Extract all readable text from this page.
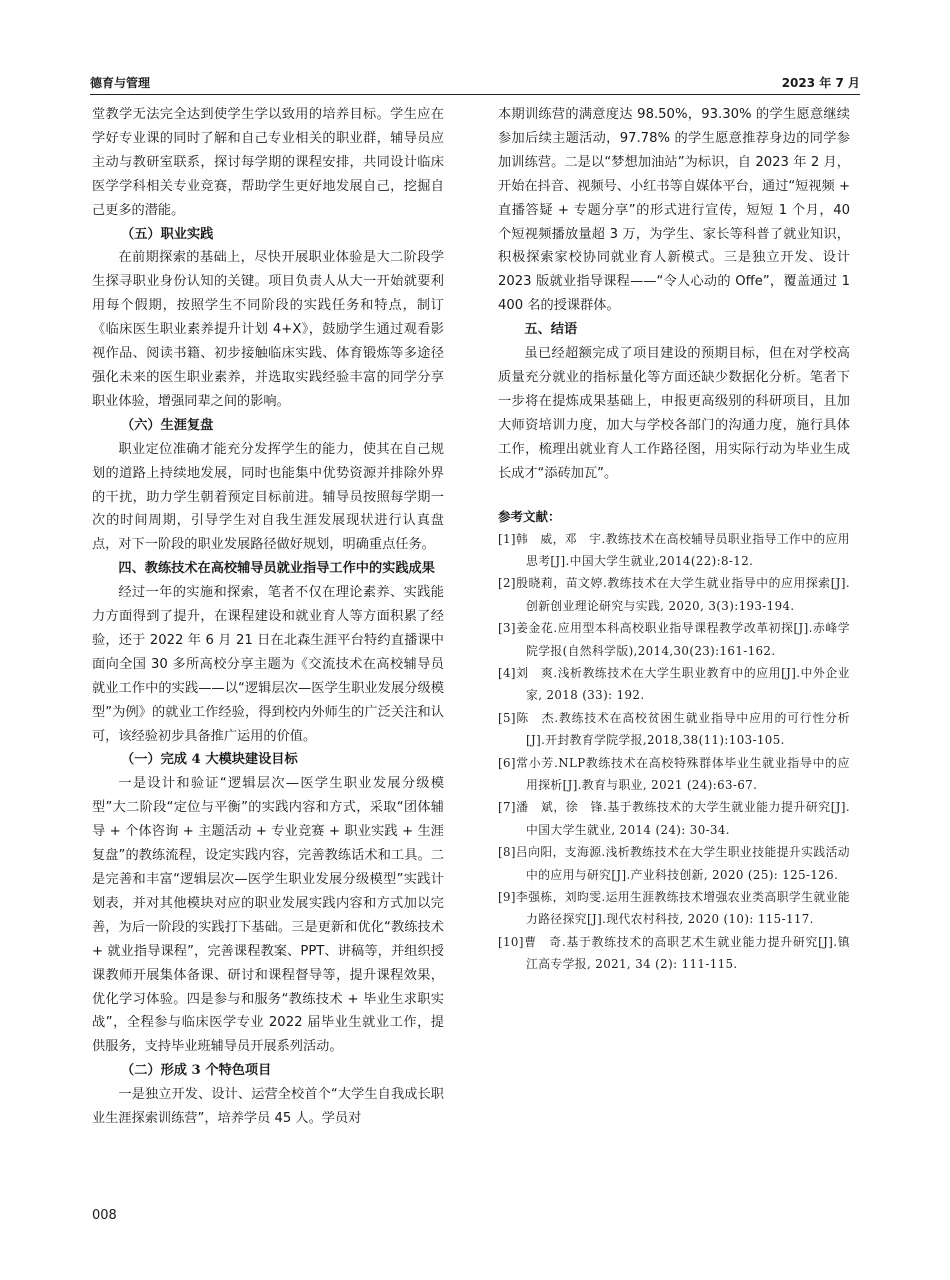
德育与管理	2023 年 7 月

堂教学无法完全达到使学生学以致用的培养目标。学生应在学好专业课的同时了解和自己专业相关的职业群，辅导员应主动与教研室联系，探讨每学期的课程安排，共同设计临床医学学科相关专业竞赛，帮助学生更好地发展自己，挖掘自己更多的潜能。

（五）职业实践

在前期探索的基础上，尽快开展职业体验是大二阶段学生探寻职业身份认知的关键。项目负责人从大一开始就要利用每个假期，按照学生不同阶段的实践任务和特点，制订《临床医生职业素养提升计划 4+X》，鼓励学生通过观看影视作品、阅读书籍、初步接触临床实践、体育锻炼等多途径强化未来的医生职业素养，并选取实践经验丰富的同学分享职业体验，增强同辈之间的影响。

（六）生涯复盘

职业定位准确才能充分发挥学生的能力，使其在自己规划的道路上持续地发展，同时也能集中优势资源并排除外界的干扰，助力学生朝着预定目标前进。辅导员按照每学期一次的时间周期，引导学生对自我生涯发展现状进行认真盘点，对下一阶段的职业发展路径做好规划，明确重点任务。

四、教练技术在高校辅导员就业指导工作中的实践成果

经过一年的实施和探索，笔者不仅在理论素养、实践能力方面得到了提升，在课程建设和就业育人等方面积累了经验，还于 2022 年 6 月 21 日在北森生涯平台特约直播课中面向全国 30 多所高校分享主题为《交流技术在高校辅导员就业工作中的实践——以“逻辑层次—医学生职业发展分级模型”为例》的就业工作经验，得到校内外师生的广泛关注和认可，该经验初步具备推广运用的价值。

（一）完成 4 大模块建设目标

一是设计和验证“逻辑层次—医学生职业发展分级模型”大二阶段“定位与平衡”的实践内容和方式，采取“团体辅导 + 个体咨询 + 主题活动 + 专业竞赛 + 职业实践 + 生涯复盘”的教练流程，设定实践内容，完善教练话术和工具。二是完善和丰富“逻辑层次—医学生职业发展分级模型”实践计划表，并对其他模块对应的职业发展实践内容和方式加以完善，为后一阶段的实践打下基础。三是更新和优化“教练技术 + 就业指导课程”，完善课程教案、PPT、讲稿等，并组织授课教师开展集体备课、研讨和课程督导等，提升课程效果，优化学习体验。四是参与和服务“教练技术 + 毕业生求职实战”，全程参与临床医学专业 2022 届毕业生就业工作，提供服务，支持毕业班辅导员开展系列活动。

（二）形成 3 个特色项目

一是独立开发、设计、运营全校首个“大学生自我成长职业生涯探索训练营”，培养学员 45 人。学员对

本期训练营的满意度达 98.50%，93.30% 的学生愿意继续参加后续主题活动，97.78% 的学生愿意推荐身边的同学参加训练营。二是以“梦想加油站”为标识，自 2023 年 2 月，开始在抖音、视频号、小红书等自媒体平台，通过“短视频 + 直播答疑 + 专题分享”的形式进行宣传，短短 1 个月，40 个短视频播放量超 3 万，为学生、家长等科普了就业知识，积极探索家校协同就业育人新模式。三是独立开发、设计 2023 版就业指导课程——“令人心动的 Offe”，覆盖通过 1 400 名的授课群体。

五、结语

虽已经超额完成了项目建设的预期目标，但在对学校高质量充分就业的指标量化等方面还缺少数据化分析。笔者下一步将在提炼成果基础上，申报更高级别的科研项目，且加大师资培训力度，加大与学校各部门的沟通力度，施行具体工作，梳理出就业育人工作路径图，用实际行动为毕业生成长成才“添砖加瓦”。

参考文献：

[1]韩　威，邓　宇.教练技术在高校辅导员职业指导工作中的应用思考[J].中国大学生就业,2014(22):8-12.

[2]殷晓莉，苗文婷.教练技术在大学生就业指导中的应用探索[J].创新创业理论研究与实践, 2020, 3(3):193-194.

[3]姜金花.应用型本科高校职业指导课程教学改革初探[J].赤峰学院学报(自然科学版),2014,30(23):161-162.

[4]刘　爽.浅析教练技术在大学生职业教育中的应用[J].中外企业家, 2018 (33): 192.

[5]陈　杰.教练技术在高校贫困生就业指导中应用的可行性分析[J].开封教育学院学报,2018,38(11):103-105.

[6]常小芳.NLP教练技术在高校特殊群体毕业生就业指导中的应用探析[J].教育与职业, 2021 (24):63-67.

[7]潘　斌，徐　锋.基于教练技术的大学生就业能力提升研究[J].中国大学生就业, 2014 (24): 30-34.

[8]吕向阳，支海源.浅析教练技术在大学生职业技能提升实践活动中的应用与研究[J].产业科技创新, 2020 (25): 125-126.

[9]李强栋，刘昀雯.运用生涯教练技术增强农业类高职学生就业能力路径探究[J].现代农村科技, 2020 (10): 115-117.

[10]曹　奇.基于教练技术的高职艺术生就业能力提升研究[J].镇江高专学报, 2021, 34 (2): 111-115.

008
